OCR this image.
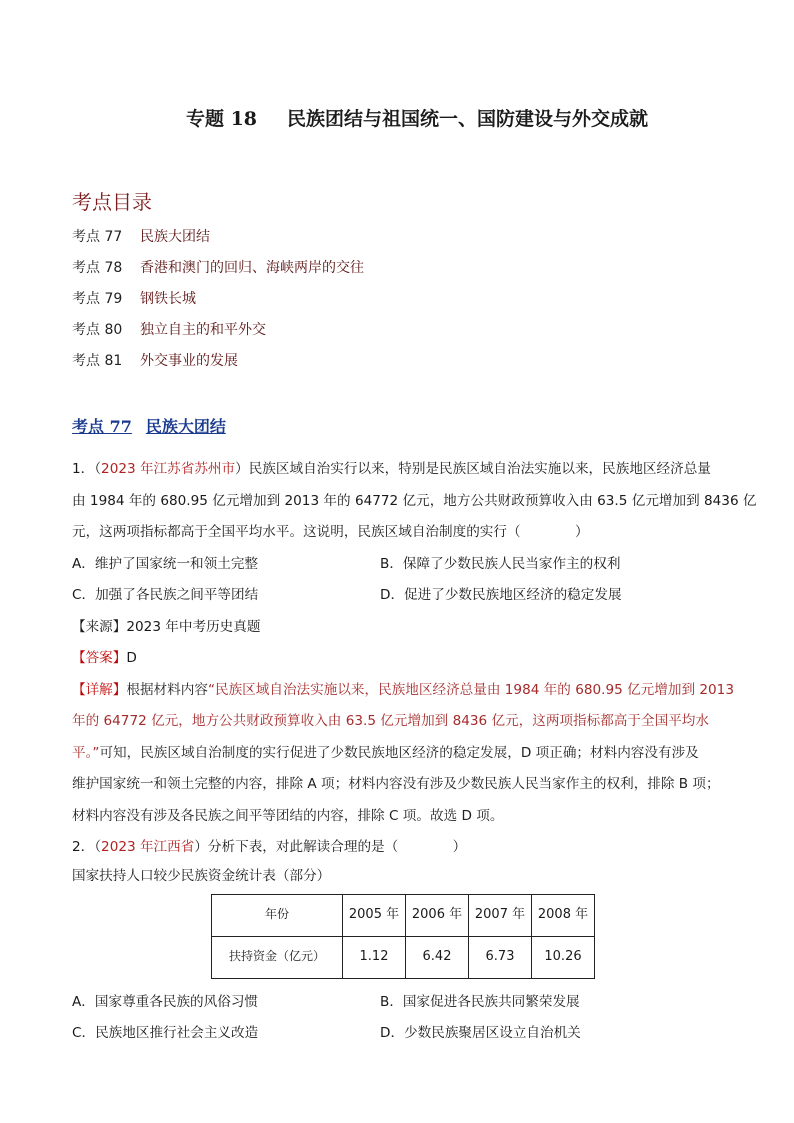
专题 18 民族团结与祖国统一、国防建设与外交成就
考点目录
考点 77 民族大团结
考点 78 香港和澳门的回归、海峡两岸的交往
考点 79 钢铁长城
考点 80 独立自主的和平外交
考点 81 外交事业的发展
考点 77 民族大团结
1．（2023 年江苏省苏州市）民族区域自治实行以来，特别是民族区域自治法实施以来，民族地区经济总量
由 1984 年的 680.95 亿元增加到 2013 年的 64772 亿元，地方公共财政预算收入由 63.5 亿元增加到 8436 亿
元，这两项指标都高于全国平均水平。这说明，民族区域自治制度的实行（　　　　）
A．维护了国家统一和领土完整	B．保障了少数民族人民当家作主的权利
C．加强了各民族之间平等团结	D．促进了少数民族地区经济的稳定发展
【来源】2023 年中考历史真题
【答案】D
【详解】根据材料内容“民族区域自治法实施以来，民族地区经济总量由 1984 年的 680.95 亿元增加到 2013
年的 64772 亿元，地方公共财政预算收入由 63.5 亿元增加到 8436 亿元，这两项指标都高于全国平均水
平。”可知，民族区域自治制度的实行促进了少数民族地区经济的稳定发展，D 项正确；材料内容没有涉及
维护国家统一和领土完整的内容，排除 A 项；材料内容没有涉及少数民族人民当家作主的权利，排除 B 项；
材料内容没有涉及各民族之间平等团结的内容，排除 C 项。故选 D 项。
2．（2023 年江西省）分析下表，对此解读合理的是（　　　　）
国家扶持人口较少民族资金统计表（部分）
年份	2005 年	2006 年	2007 年	2008 年
扶持资金（亿元）	1.12	6.42	6.73	10.26
A．国家尊重各民族的风俗习惯	B．国家促进各民族共同繁荣发展
C．民族地区推行社会主义改造	D．少数民族聚居区设立自治机关
